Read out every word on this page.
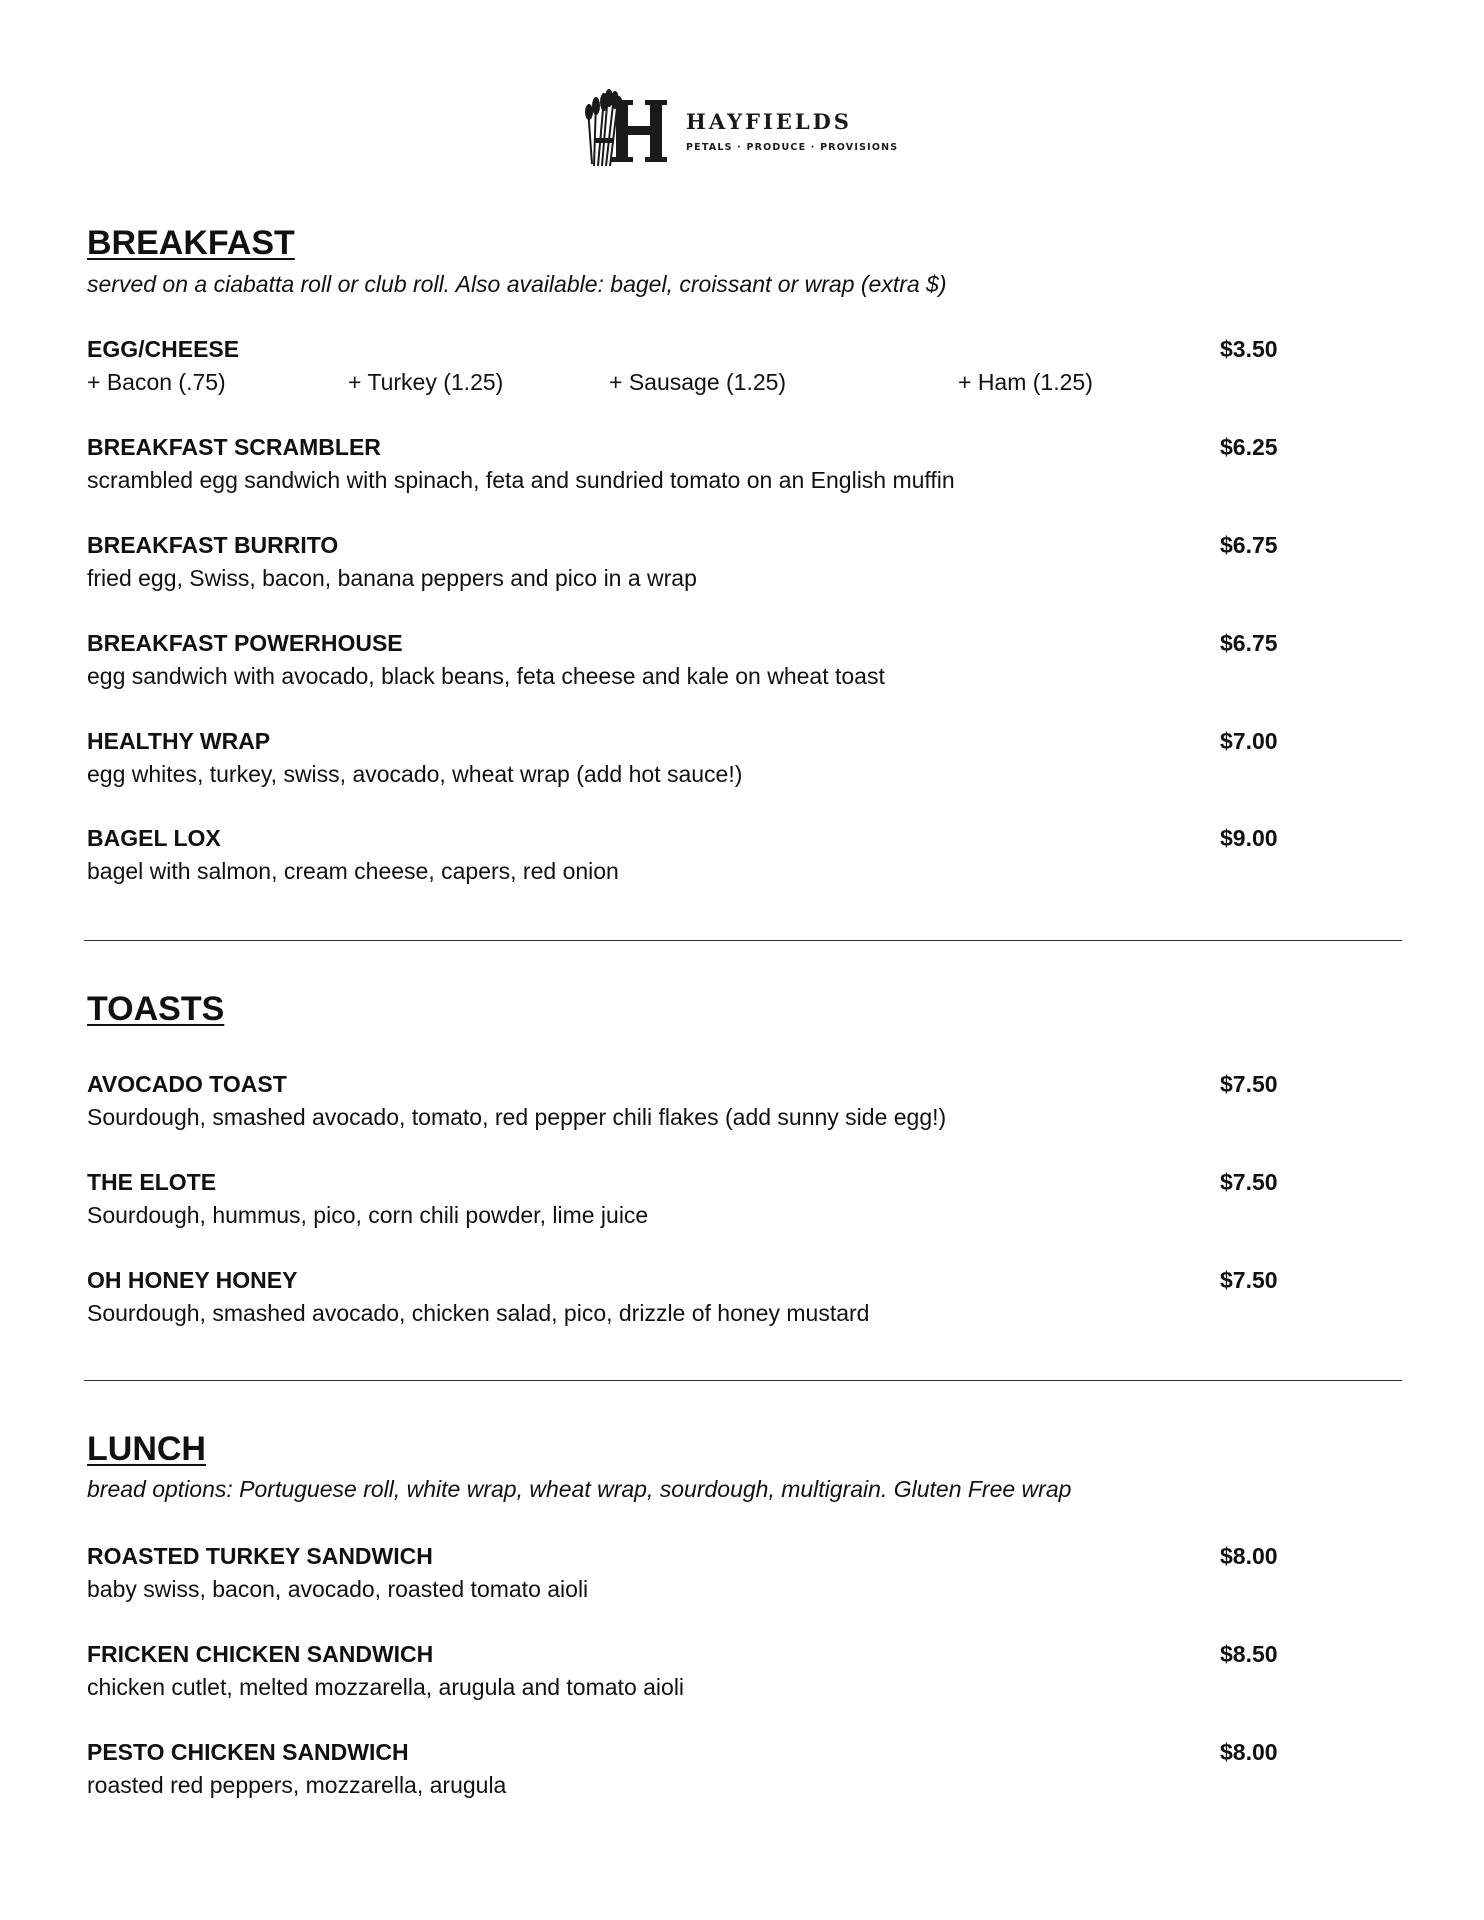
HAYFIELDS
PETALS · PRODUCE · PROVISIONS
BREAKFAST

served on a ciabatta roll or club roll. Also available: bagel, croissant or wrap (extra $)

EGG/CHEESE	$3.50
+ Bacon (.75)	+ Turkey (1.25)	+ Sausage (1.25)	+ Ham (1.25)
BREAKFAST SCRAMBLER	$6.25
scrambled egg sandwich with spinach, feta and sundried tomato on an English muffin
BREAKFAST BURRITO	$6.75
fried egg, Swiss, bacon, banana peppers and pico in a wrap
BREAKFAST POWERHOUSE	$6.75
egg sandwich with avocado, black beans, feta cheese and kale on wheat toast
HEALTHY WRAP	$7.00
egg whites, turkey, swiss, avocado, wheat wrap (add hot sauce!)
BAGEL LOX	$9.00
bagel with salmon, cream cheese, capers, red onion
TOASTS
AVOCADO TOAST	$7.50
Sourdough, smashed avocado, tomato, red pepper chili flakes (add sunny side egg!)
THE ELOTE	$7.50
Sourdough, hummus, pico, corn chili powder, lime juice
OH HONEY HONEY	$7.50
Sourdough, smashed avocado, chicken salad, pico, drizzle of honey mustard
LUNCH

bread options: Portuguese roll, white wrap, wheat wrap, sourdough, multigrain. Gluten Free wrap

ROASTED TURKEY SANDWICH	$8.00
baby swiss, bacon, avocado, roasted tomato aioli
FRICKEN CHICKEN SANDWICH	$8.50
chicken cutlet, melted mozzarella, arugula and tomato aioli
PESTO CHICKEN SANDWICH	$8.00
roasted red peppers, mozzarella, arugula
